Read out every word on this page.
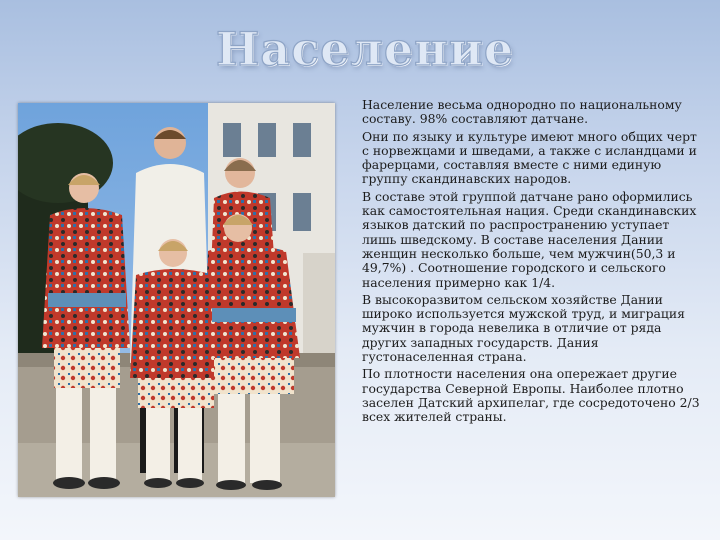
Население

Население весьма однородно по национальному составу. 98% составляют датчане.

Они по языку и культуре имеют много общих черт с норвежцами и шведами, а также с исландцами и фарерцами, составляя вместе с ними единую группу скандинавских народов.

В составе этой группой датчане рано оформились как самостоятельная нация. Среди скандинавских языков датский по распространению уступает лишь шведскому. В составе населения Дании женщин несколько больше, чем мужчин(50,3 и 49,7%) . Соотношение городского и сельского населения примерно как 1/4.

В высокоразвитом сельском хозяйстве Дании широко используется мужской труд, и миграция мужчин в города невелика в отличие от ряда других западных государств. Дания густонаселенная страна.

По плотности населения она опережает другие государства Северной Европы. Наиболее плотно заселен Датский архипелаг, где сосредоточено 2/3 всех жителей страны.
